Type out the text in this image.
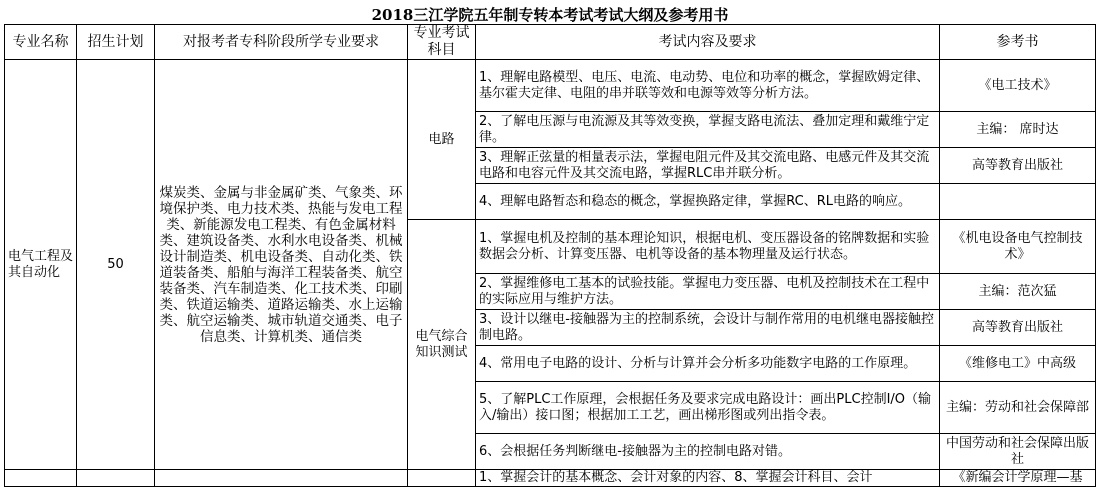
2018三江学院五年制专转本考试考试大纲及参考用书					
专业名称	招生计划	对报考者专科阶段所学专业要求	专业考试科目	考试内容及要求	参考书
电气工程及其自动化	50	煤炭类、金属与非金属矿类、气象类、环境保护类、电力技术类、热能与发电工程类、新能源发电工程类、有色金属材料类、建筑设备类、水利水电设备类、机械设计制造类、机电设备类、自动化类、铁道装备类、船舶与海洋工程装备类、航空装备类、汽车制造类、化工技术类、印刷类、铁道运输类、道路运输类、水上运输类、航空运输类、城市轨道交通类、电子信息类、计算机类、通信类	电路	1、理解电路模型、电压、电流、电动势、电位和功率的概念，掌握欧姆定律、基尔霍夫定律、电阻的串并联等效和电源等效等分析方法。	《电工技术》
				2、了解电压源与电流源及其等效变换，掌握支路电流法、叠加定理和戴维宁定律。	主编： 席时达
				3、理解正弦量的相量表示法，掌握电阻元件及其交流电路、电感元件及其交流电路和电容元件及其交流电路，掌握RLC串并联分析。	高等教育出版社
				4、理解电路暂态和稳态的概念，掌握换路定律，掌握RC、RL电路的响应。	
			电气综合知识测试	1、掌握电机及控制的基本理论知识，根据电机、变压器设备的铭牌数据和实验数据会分析、计算变压器、电机等设备的基本物理量及运行状态。	《机电设备电气控制技术》
				2、掌握维修电工基本的试验技能。掌握电力变压器、电机及控制技术在工程中的实际应用与维护方法。	主编：范次猛
				3、设计以继电-接触器为主的控制系统，会设计与制作常用的电机继电器接触控制电路。	高等教育出版社
				4、常用电子电路的设计、分析与计算并会分析多功能数字电路的工作原理。	《维修电工》中高级
				5、了解PLC工作原理，会根据任务及要求完成电路设计：画出PLC控制I/O（输入/输出）接口图；根据加工工艺，画出梯形图或列出指令表。	主编：劳动和社会保障部
				6、会根据任务判断继电-接触器为主的控制电路对错。	中国劳动和社会保障出版社
				1、掌握会计的基本概念、会计对象的内容、8、掌握会计科目、会计	《新编会计学原理—基
